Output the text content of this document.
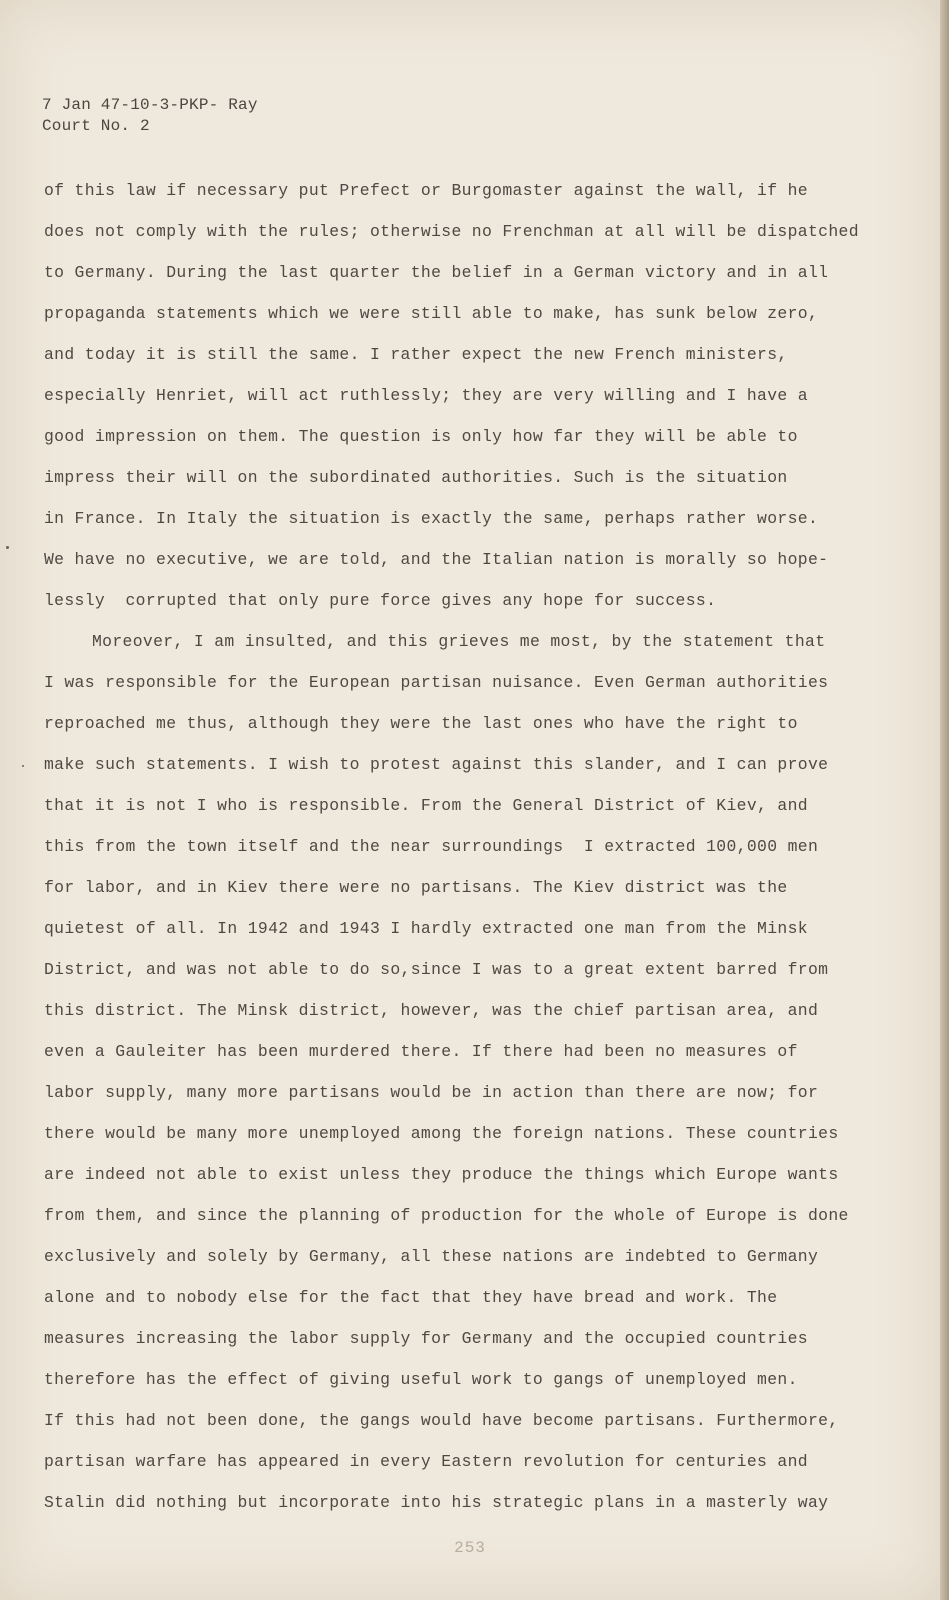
7 Jan 47-10-3-PKP- Ray
Court No. 2
of this law if necessary put Prefect or Burgomaster against the wall, if he
does not comply with the rules; otherwise no Frenchman at all will be dispatched
to Germany. During the last quarter the belief in a German victory and in all
propaganda statements which we were still able to make, has sunk below zero,
and today it is still the same. I rather expect the new French ministers,
especially Henriet, will act ruthlessly; they are very willing and I have a
good impression on them. The question is only how far they will be able to
impress their will on the subordinated authorities. Such is the situation
in France. In Italy the situation is exactly the same, perhaps rather worse.
We have no executive, we are told, and the Italian nation is morally so hope-
lessly  corrupted that only pure force gives any hope for success.
Moreover, I am insulted, and this grieves me most, by the statement that
I was responsible for the European partisan nuisance. Even German authorities
reproached me thus, although they were the last ones who have the right to
make such statements. I wish to protest against this slander, and I can prove
that it is not I who is responsible. From the General District of Kiev, and
this from the town itself and the near surroundings  I extracted 100,000 men
for labor, and in Kiev there were no partisans. The Kiev district was the
quietest of all. In 1942 and 1943 I hardly extracted one man from the Minsk
District, and was not able to do so,since I was to a great extent barred from
this district. The Minsk district, however, was the chief partisan area, and
even a Gauleiter has been murdered there. If there had been no measures of
labor supply, many more partisans would be in action than there are now; for
there would be many more unemployed among the foreign nations. These countries
are indeed not able to exist unless they produce the things which Europe wants
from them, and since the planning of production for the whole of Europe is done
exclusively and solely by Germany, all these nations are indebted to Germany
alone and to nobody else for the fact that they have bread and work. The
measures increasing the labor supply for Germany and the occupied countries
therefore has the effect of giving useful work to gangs of unemployed men.
If this had not been done, the gangs would have become partisans. Furthermore,
partisan warfare has appeared in every Eastern revolution for centuries and
Stalin did nothing but incorporate into his strategic plans in a masterly way
253
